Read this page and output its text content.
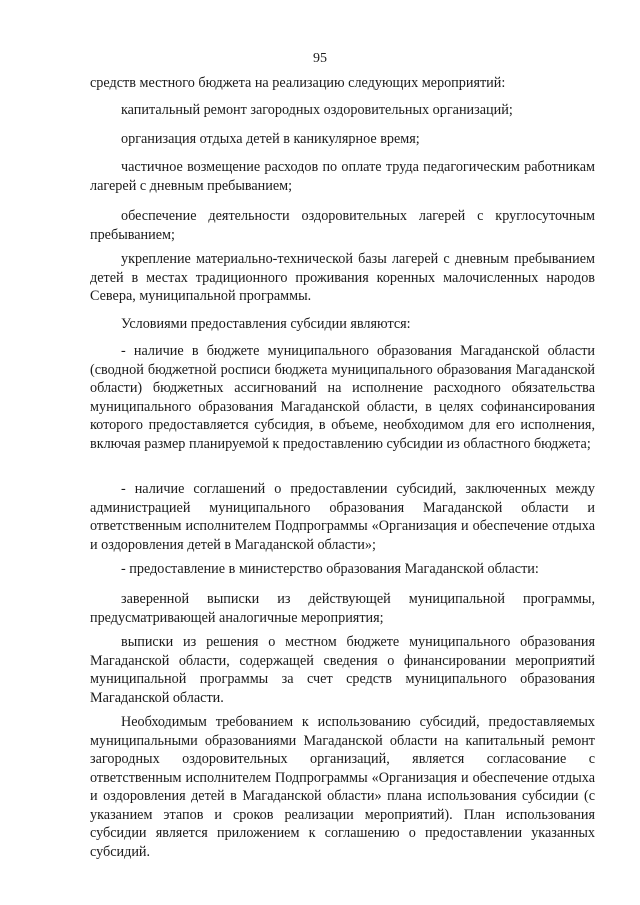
95

средств местного бюджета на реализацию следующих мероприятий:

капитальный ремонт загородных оздоровительных организаций;

организация отдыха детей в каникулярное время;

частичное возмещение расходов по оплате труда педагогическим работникам лагерей с дневным пребыванием;

обеспечение деятельности оздоровительных лагерей с круглосуточным пребыванием;

укрепление материально-технической базы лагерей с дневным пребыванием детей в местах традиционного проживания коренных малочисленных народов Севера, муниципальной программы.

Условиями предоставления субсидии являются:

- наличие в бюджете муниципального образования Магаданской области (сводной бюджетной росписи бюджета муниципального образования Магаданской области) бюджетных ассигнований на исполнение расходного обязательства муниципального образования Магаданской области, в целях софинансирования которого предоставляется субсидия, в объеме, необходимом для его исполнения, включая размер планируемой к предоставлению субсидии из областного бюджета;

- наличие соглашений о предоставлении субсидий, заключенных между администрацией муниципального образования Магаданской области и ответственным исполнителем Подпрограммы «Организация и обеспечение отдыха и оздоровления детей в Магаданской области»;

- предоставление в министерство образования Магаданской области:

заверенной выписки из действующей муниципальной программы, предусматривающей аналогичные мероприятия;

выписки из решения о местном бюджете муниципального образования Магаданской области, содержащей сведения о финансировании мероприятий муниципальной программы за счет средств муниципального образования Магаданской области.

Необходимым требованием к использованию субсидий, предоставляемых муниципальными образованиями Магаданской области на капитальный ремонт загородных оздоровительных организаций, является согласование с ответственным исполнителем Подпрограммы «Организация и обеспечение отдыха и оздоровления детей в Магаданской области» плана использования субсидии (с указанием этапов и сроков реализации мероприятий). План использования субсидии является приложением к соглашению о предоставлении указанных субсидий.
